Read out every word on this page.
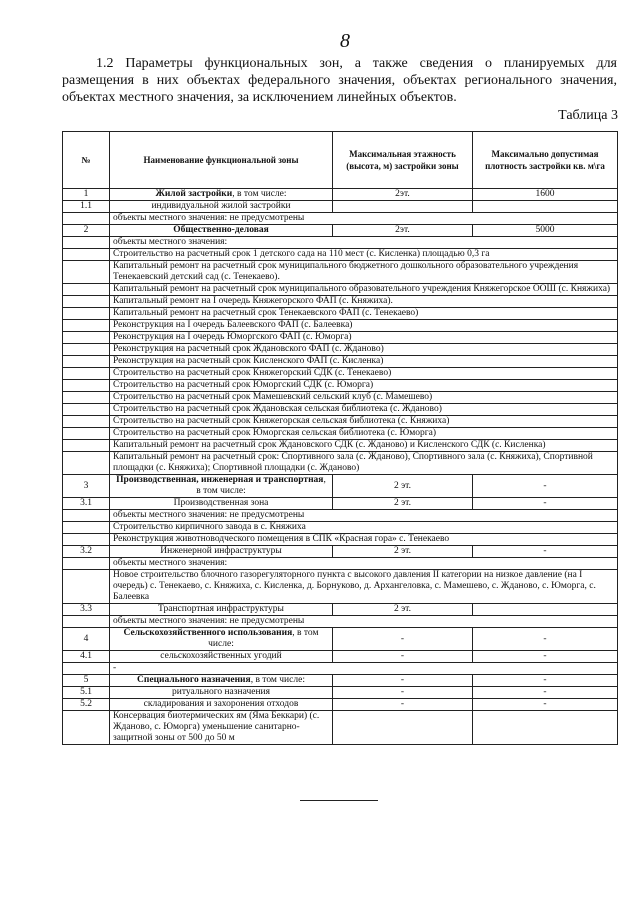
8
1.2 Параметры функциональных зон, а также сведения о планируемых для размещения в них объектах федерального значения, объектах регионального значения, объектах местного значения, за исключением линейных объектов.
Таблица 3
№	Наименование функциональной зоны	Максимальная этажность (высота, м) застройки зоны	Максимально допустимая плотность застройки кв. м\га
1	Жилой застройки, в том числе:	2эт.	1600
1.1	индивидуальной жилой застройки		
	объекты местного значения: не предусмотрены		
2	Общественно-деловая	2эт.	5000
	объекты местного значения:		
	Строительство на расчетный срок 1 детского сада на 110 мест (с. Кисленка) площадью 0,3 га		
	Капитальный ремонт на расчетный срок муниципального бюджетного дошкольного образовательного учреждения Тенекаевский детский сад (с. Тенекаево).		
	Капитальный ремонт на расчетный срок муниципального образовательного учреждения Княжегорское ООШ (с. Княжиха)		
	Капитальный ремонт на I очередь Княжегорского ФАП (с. Княжиха).		
	Капитальный ремонт на расчетный срок Тенекаевского ФАП (с. Тенекаево)		
	Реконструкция на I очередь Балеевского ФАП (с. Балеевка)		
	Реконструкция на I очередь Юморгского ФАП (с. Юморга)		
	Реконструкция на расчетный срок Ждановского ФАП (с. Жданово)		
	Реконструкция на расчетный срок Кисленского ФАП (с. Кисленка)		
	Строительство на расчетный срок Княжегорский СДК (с. Тенекаево)		
	Строительство на расчетный срок Юморгский СДК (с. Юморга)		
	Строительство на расчетный срок Мамешевский сельский клуб (с. Мамешево)		
	Строительство на расчетный срок Ждановская сельская библиотека (с. Жданово)		
	Строительство на расчетный срок Княжегорская сельская библиотека (с. Княжиха)		
	Строительство на расчетный срок Юморгская сельская библиотека (с. Юморга)		
	Капитальный ремонт на расчетный срок Ждановского СДК (с. Жданово) и Кисленского СДК (с. Кисленка)		
	Капитальный ремонт на расчетный срок: Спортивного зала (с. Жданово), Спортивного зала (с. Княжиха), Спортивной площадки (с. Княжиха); Спортивной площадки (с. Жданово)		
3	Производственная, инженерная и транспортная, в том числе:	2 эт.	-
3.1	Производственная зона	2 эт.	-
	объекты местного значения: не предусмотрены		
	Строительство кирпичного завода в с. Княжиха		
	Реконструкция животноводческого помещения в СПК «Красная гора» с. Тенекаево		
3.2	Инженерной инфраструктуры	2 эт.	-
	объекты местного значения:		
	Новое строительство блочного газорегуляторного пункта с высокого давления II категории на низкое давление (на I очередь) с. Тенекаево, с. Княжиха, с. Кисленка, д. Борнуково, д. Архангеловка, с. Мамешево, с. Жданово, с. Юморга, с. Балеевка		
3.3	Транспортная инфраструктуры	2 эт.	
	объекты местного значения: не предусмотрены		
4	Сельскохозяйственного использования, в том числе:	-	-
4.1	сельскохозяйственных угодий	-	-
	-		
5	Специального назначения, в том числе:	-	-
5.1	ритуального назначения	-	-
5.2	складирования и захоронения отходов	-	-
	Консервация биотермических ям (Яма Беккари) (с. Жданово, с. Юморга) уменьшение санитарно-защитной зоны от 500 до 50 м		
